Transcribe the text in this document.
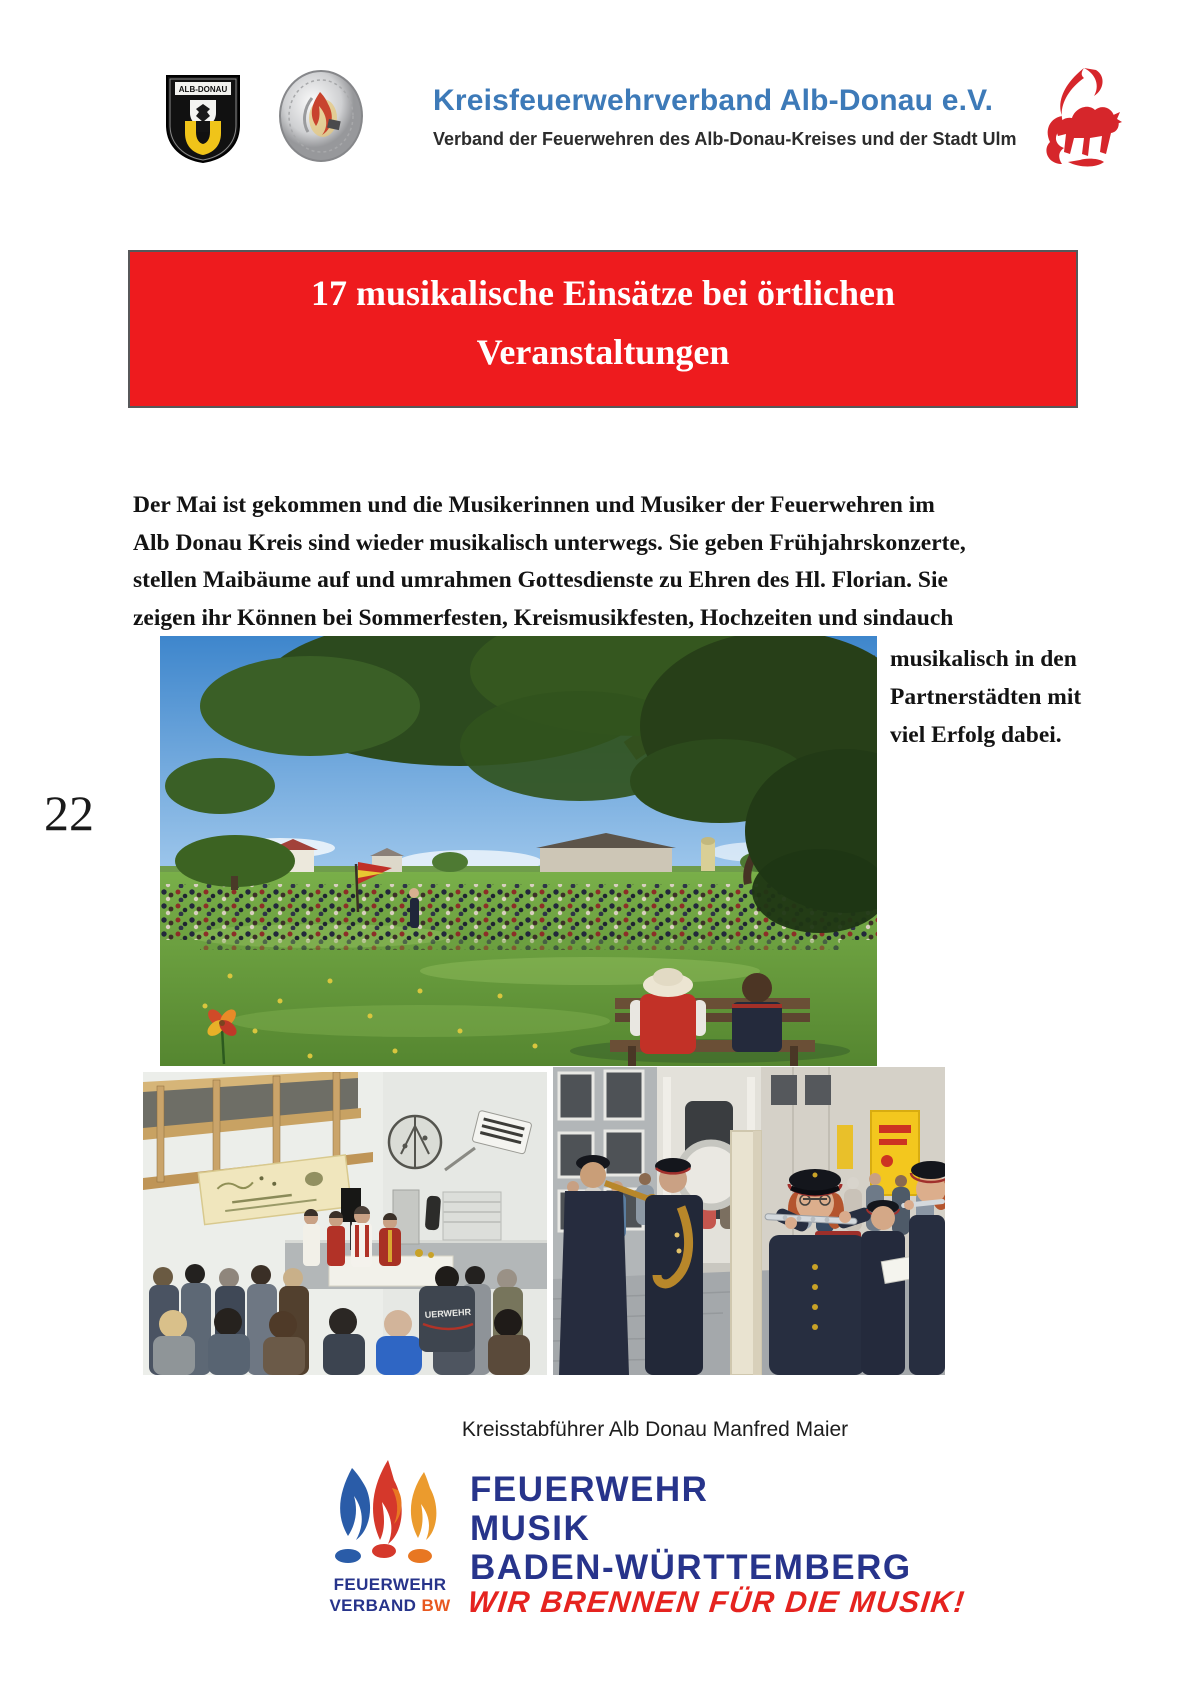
ALB-DONAU	Kreisfeuerwehrverband Alb-Donau e.V.
Verband der Feuerwehren des Alb-Donau-Kreises und der Stadt Ulm
17 musikalische Einsätze bei örtlichen
Veranstaltungen
Der Mai ist gekommen und die Musikerinnen und Musiker der Feuerwehren im
Alb Donau Kreis sind wieder musikalisch unterwegs. Sie geben Frühjahrskonzerte,
stellen Maibäume auf und umrahmen Gottesdienste zu Ehren des Hl. Florian. Sie
zeigen ihr Können bei Sommerfesten, Kreismusikfesten, Hochzeiten und sindauch
musikalisch in den
Partnerstädten mit
viel Erfolg dabei.
22
UERWEHR
Kreisstabführer Alb Donau Manfred Maier
FEUERWEHR
VERBAND BW
FEUERWEHR
MUSIK
BADEN-WÜRTTEMBERG
WIR BRENNEN FÜR DIE MUSIK!
